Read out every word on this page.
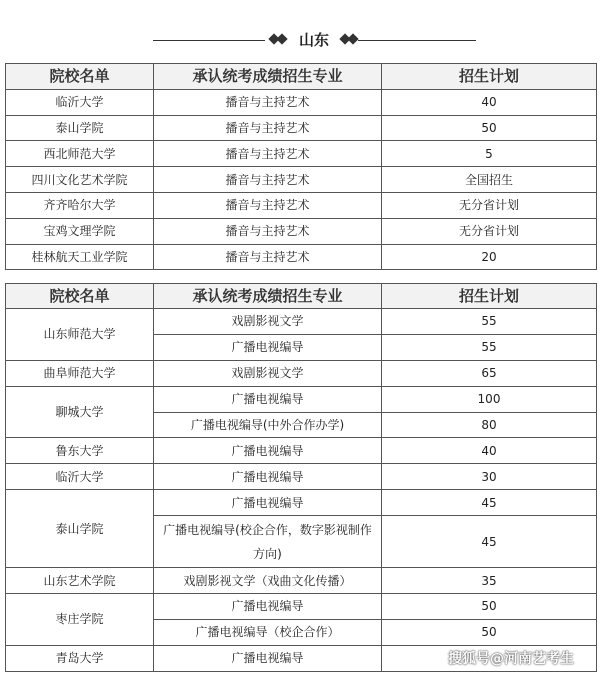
山东
院校名单	承认统考成绩招生专业	招生计划
临沂大学	播音与主持艺术	40
泰山学院	播音与主持艺术	50
西北师范大学	播音与主持艺术	5
四川文化艺术学院	播音与主持艺术	全国招生
齐齐哈尔大学	播音与主持艺术	无分省计划
宝鸡文理学院	播音与主持艺术	无分省计划
桂林航天工业学院	播音与主持艺术	20
院校名单	承认统考成绩招生专业	招生计划
山东师范大学	戏剧影视文学	55
	广播电视编导	55
曲阜师范大学	戏剧影视文学	65
聊城大学	广播电视编导	100
	广播电视编导(中外合作办学)	80
鲁东大学	广播电视编导	40
临沂大学	广播电视编导	30
泰山学院	广播电视编导	45
	广播电视编导(校企合作，数字影视制作方向)	45
山东艺术学院	戏剧影视文学（戏曲文化传播）	35
枣庄学院	广播电视编导	50
	广播电视编导（校企合作）	50
青岛大学	广播电视编导		搜狐号@河南艺考生
